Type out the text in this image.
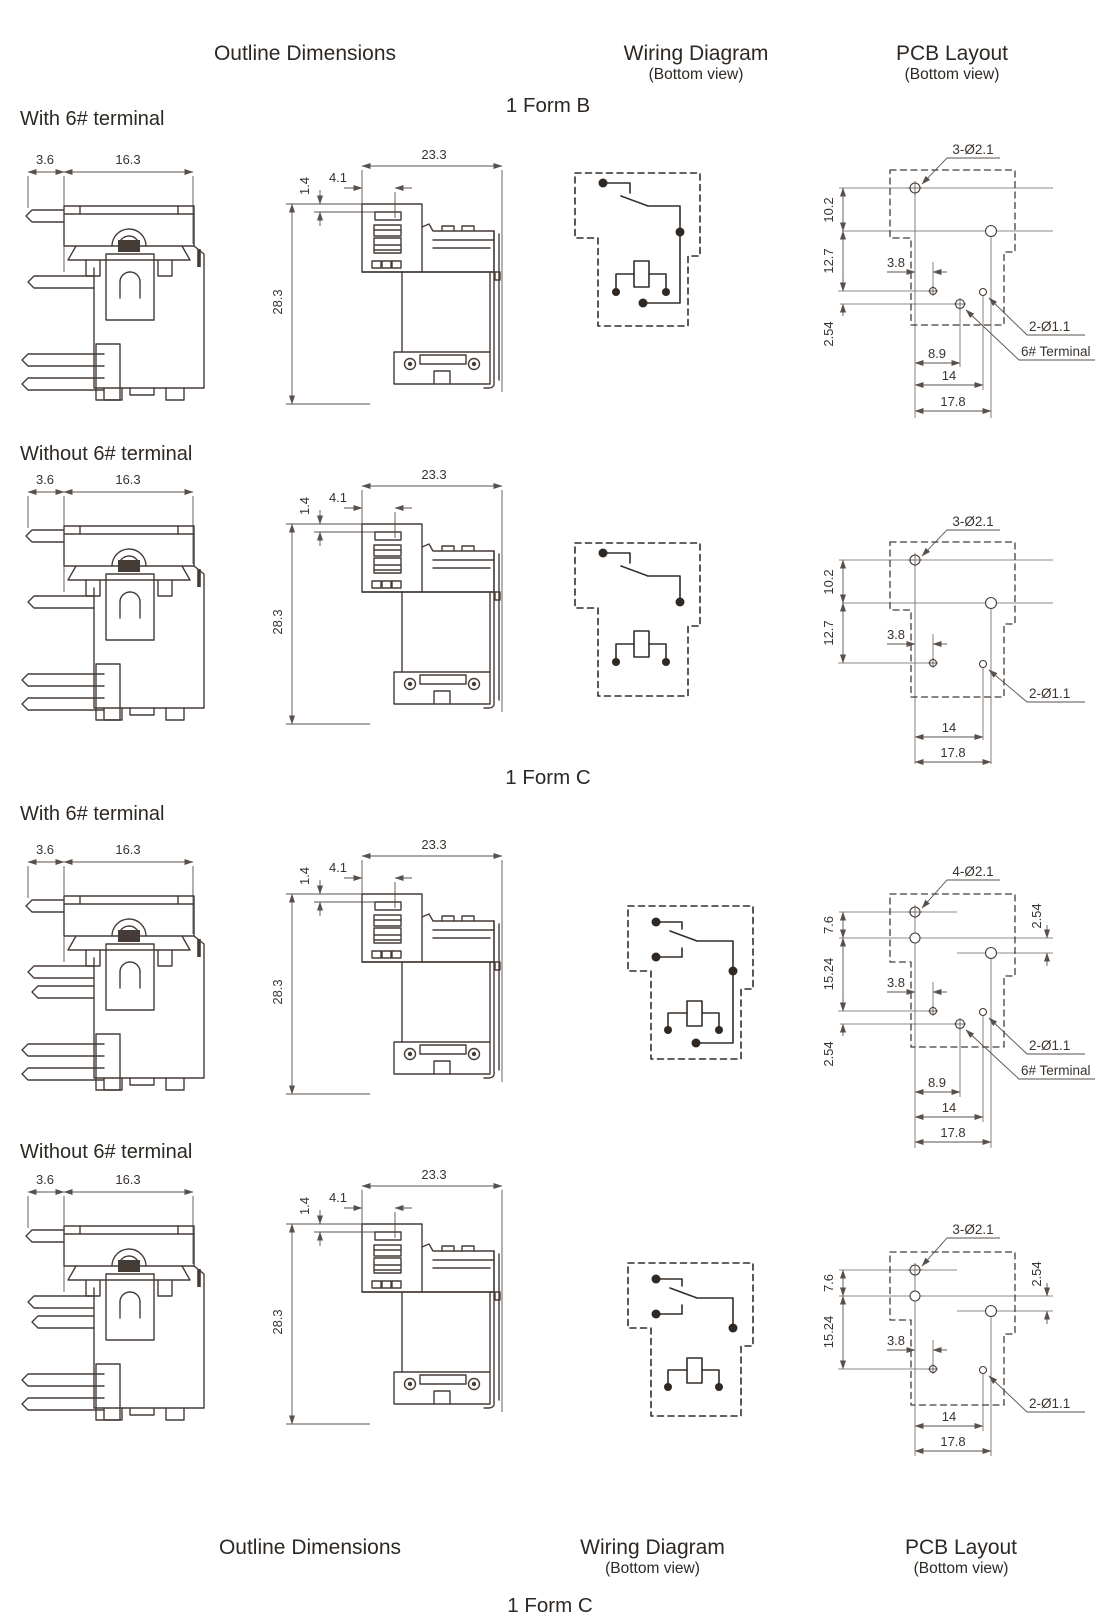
3.6	16.3	23.3
4.1
1.4
28.3
10.2
12.7
2.54
3.8
8.9
14
17.8
3-Ø2.1
2-Ø1.1
6# Terminal
10.2
12.7	3.8
14
17.8
3-Ø2.1
2-Ø1.1
7.6
15.24
2.54
2.54
3.8
8.9
14
17.8
4-Ø2.1
2-Ø1.1
6# Terminal
7.6
15.24
2.54
3.8
14
17.8
3-Ø2.1
2-Ø1.1
Outline Dimensions	Wiring Diagram
(Bottom view)
PCB Layout
(Bottom view)
1 Form B
With 6# terminal
Without 6# terminal
1 Form C
With 6# terminal
Without 6# terminal
Outline Dimensions	Wiring Diagram
(Bottom view)
PCB Layout
(Bottom view)
1 Form C
